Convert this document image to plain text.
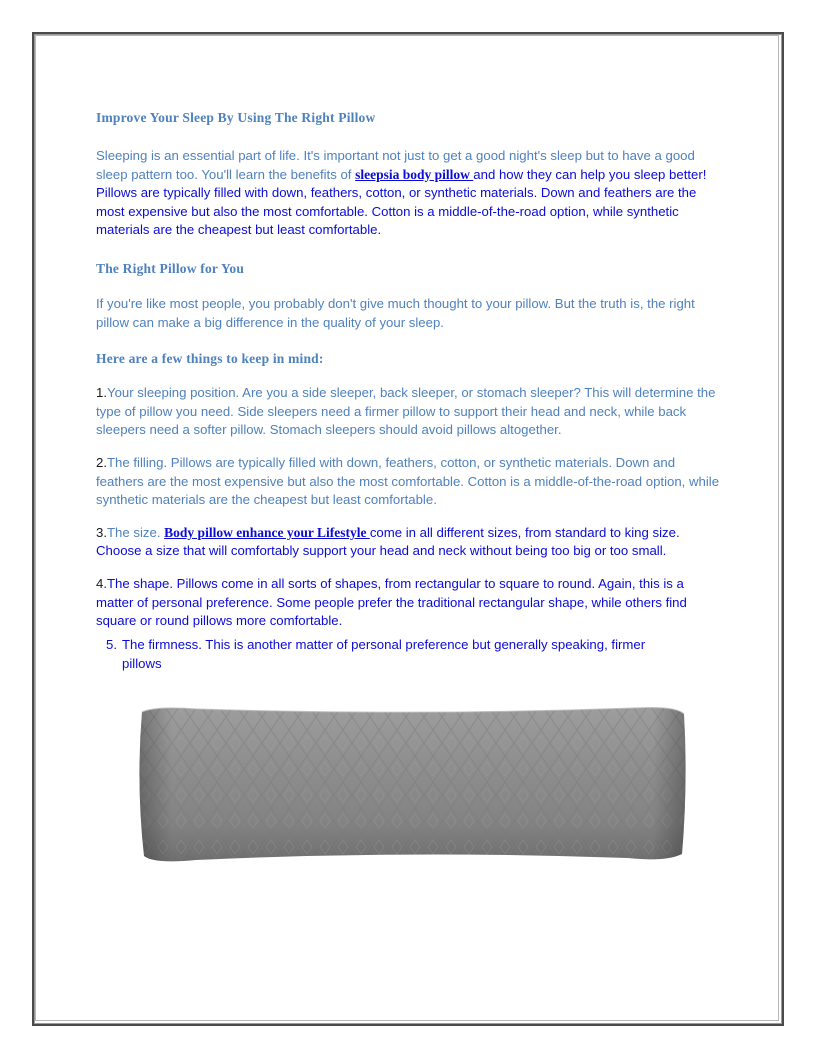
Improve Your Sleep By Using The Right Pillow

Sleeping is an essential part of life. It's important not just to get a good night's sleep but to have a good sleep pattern too. You'll learn the benefits of sleepsia body pillow and how they can help you sleep better! Pillows are typically filled with down, feathers, cotton, or synthetic materials. Down and feathers are the most expensive but also the most comfortable. Cotton is a middle-of-the-road option, while synthetic materials are the cheapest but least comfortable.

The Right Pillow for You

If you're like most people, you probably don't give much thought to your pillow. But the truth is, the right pillow can make a big difference in the quality of your sleep.

Here are a few things to keep in mind:

1.Your sleeping position. Are you a side sleeper, back sleeper, or stomach sleeper? This will determine the type of pillow you need. Side sleepers need a firmer pillow to support their head and neck, while back sleepers need a softer pillow. Stomach sleepers should avoid pillows altogether.

2.The filling. Pillows are typically filled with down, feathers, cotton, or synthetic materials. Down and feathers are the most expensive but also the most comfortable. Cotton is a middle-of-the-road option, while synthetic materials are the cheapest but least comfortable.

3.The size. Body pillow enhance your Lifestyle come in all different sizes, from standard to king size. Choose a size that will comfortably support your head and neck without being too big or too small.

4.The shape. Pillows come in all sorts of shapes, from rectangular to square to round. Again, this is a matter of personal preference. Some people prefer the traditional rectangular shape, while others find square or round pillows more comfortable.

5. The firmness. This is another matter of personal preference but generally speaking, firmer pillows
